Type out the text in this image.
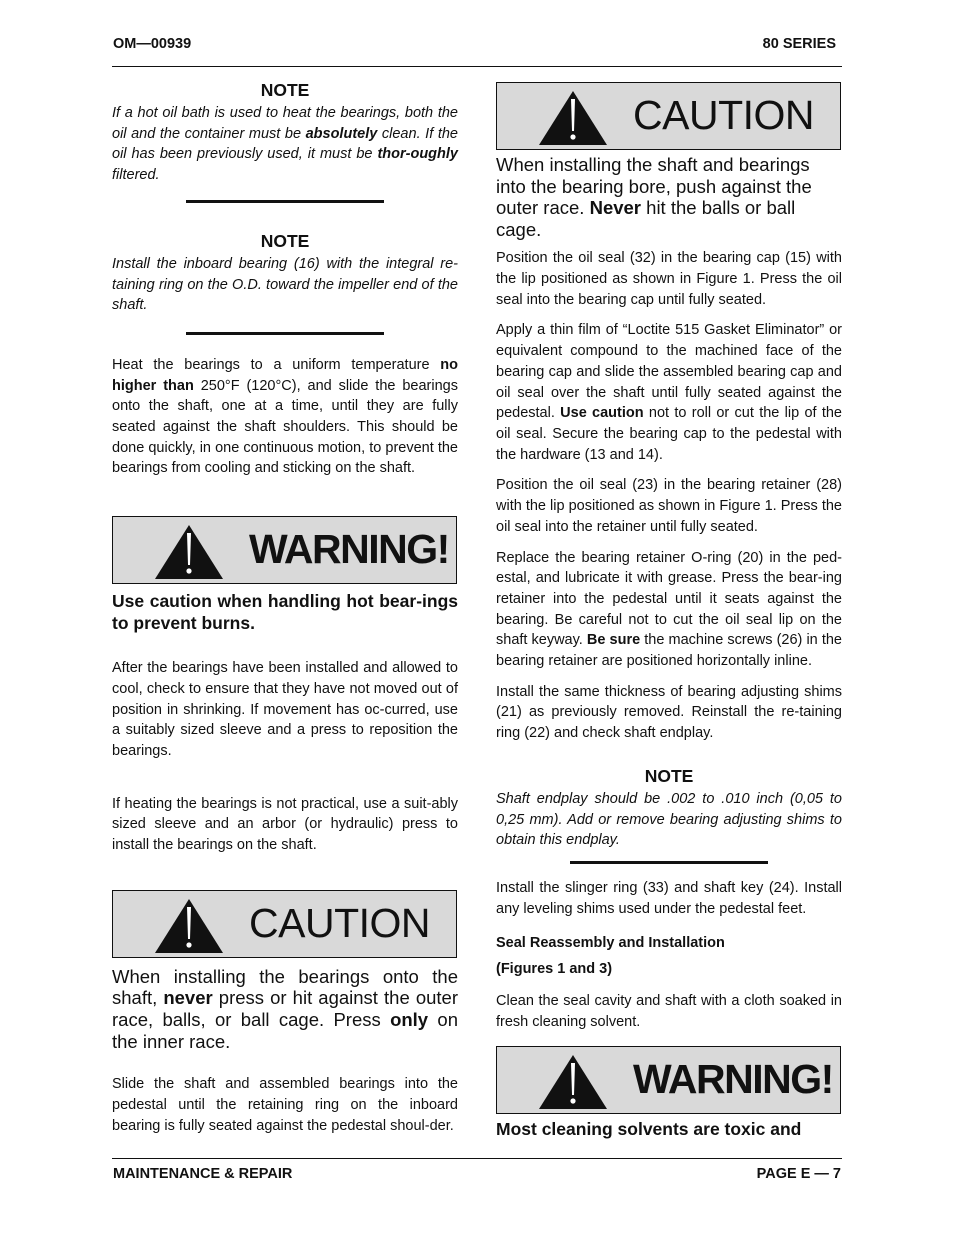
OM—00939	80 SERIES

NOTE

If a hot oil bath is used to heat the bearings, both the oil and the container must be absolutely clean. If the oil has been previously used, it must be thor-oughly filtered.

NOTE

Install the inboard bearing (16) with the integral re-taining ring on the O.D. toward the impeller end of the shaft.

Heat the bearings to a uniform temperature no higher than 250°F (120°C), and slide the bearings onto the shaft, one at a time, until they are fully seated against the shaft shoulders. This should be done quickly, in one continuous motion, to prevent the bearings from cooling and sticking on the shaft.

WARNING!

Use caution when handling hot bear-ings to prevent burns.

After the bearings have been installed and allowed to cool, check to ensure that they have not moved out of position in shrinking. If movement has oc-curred, use a suitably sized sleeve and a press to reposition the bearings.

If heating the bearings is not practical, use a suit-ably sized sleeve and an arbor (or hydraulic) press to install the bearings on the shaft.

CAUTION

When installing the bearings onto the shaft, never press or hit against the outer race, balls, or ball cage. Press only on the inner race.

Slide the shaft and assembled bearings into the pedestal until the retaining ring on the inboard bearing is fully seated against the pedestal shoul-der.

CAUTION

When installing the shaft and bearings into the bearing bore, push against the outer race. Never hit the balls or ball cage.

Position the oil seal (32) in the bearing cap (15) with the lip positioned as shown in Figure 1. Press the oil seal into the bearing cap until fully seated.

Apply a thin film of “Loctite 515 Gasket Eliminator” or equivalent compound to the machined face of the bearing cap and slide the assembled bearing cap and oil seal over the shaft until fully seated against the pedestal. Use caution not to roll or cut the lip of the oil seal. Secure the bearing cap to the pedestal with the hardware (13 and 14).

Position the oil seal (23) in the bearing retainer (28) with the lip positioned as shown in Figure 1. Press the oil seal into the retainer until fully seated.

Replace the bearing retainer O-ring (20) in the ped-estal, and lubricate it with grease. Press the bear-ing retainer into the pedestal until it seats against the bearing. Be careful not to cut the oil seal lip on the shaft keyway. Be sure the machine screws (26) in the bearing retainer are positioned horizontally inline.

Install the same thickness of bearing adjusting shims (21) as previously removed. Reinstall the re-taining ring (22) and check shaft endplay.

NOTE

Shaft endplay should be .002 to .010 inch (0,05 to 0,25 mm). Add or remove bearing adjusting shims to obtain this endplay.

Install the slinger ring (33) and shaft key (24). Install any leveling shims used under the pedestal feet.

Seal Reassembly and Installation

(Figures 1 and 3)

Clean the seal cavity and shaft with a cloth soaked in fresh cleaning solvent.

WARNING!

Most cleaning solvents are toxic and

MAINTENANCE & REPAIR	PAGE E — 7
